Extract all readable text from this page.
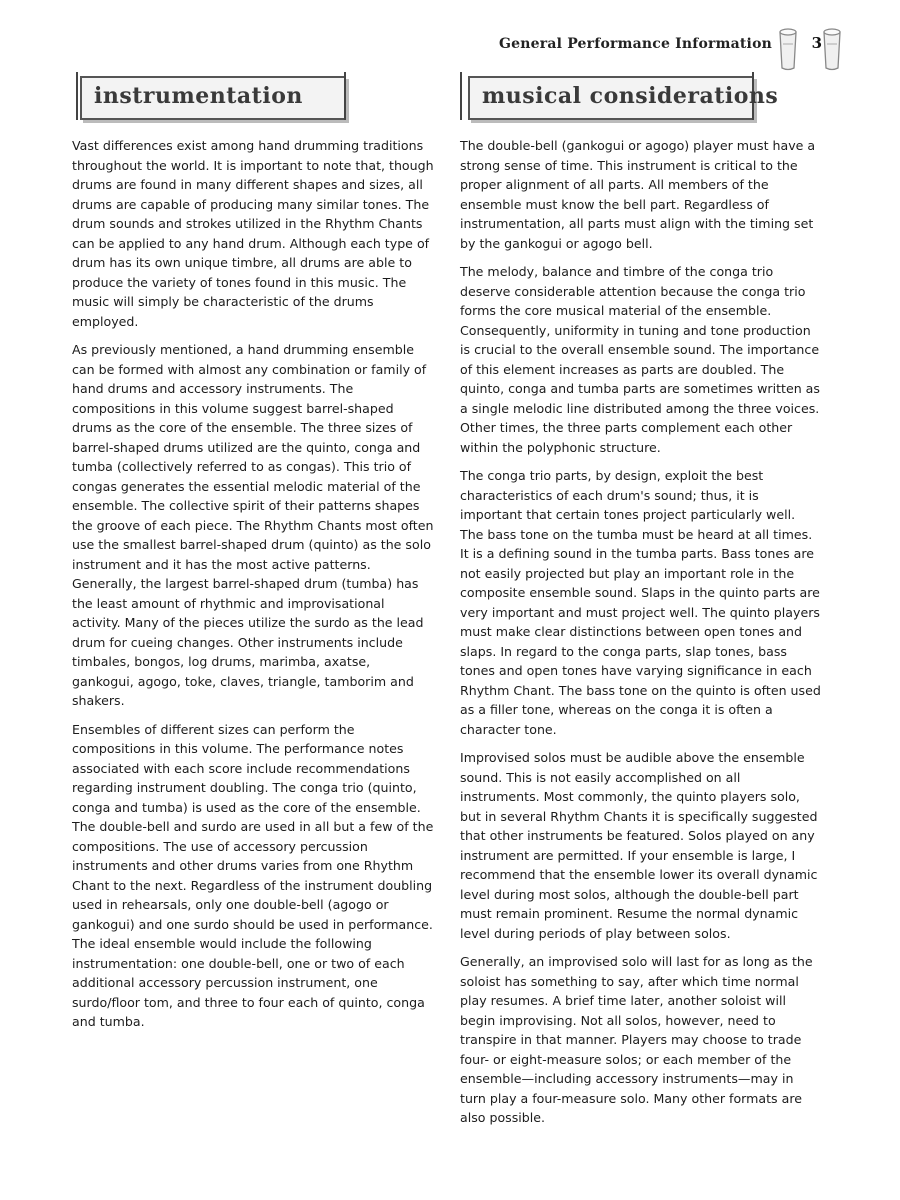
General Performance Information	3
instrumentation

Vast differences exist among hand drumming traditions throughout the world. It is important to note that, though drums are found in many different shapes and sizes, all drums are capable of producing many similar tones. The drum sounds and strokes utilized in the Rhythm Chants can be applied to any hand drum. Although each type of drum has its own unique timbre, all drums are able to produce the variety of tones found in this music. The music will simply be characteristic of the drums employed.

As previously mentioned, a hand drumming ensemble can be formed with almost any combination or family of hand drums and accessory instruments. The compositions in this volume suggest barrel-shaped drums as the core of the ensemble. The three sizes of barrel-shaped drums utilized are the quinto, conga and tumba (collectively referred to as congas). This trio of congas generates the essential melodic material of the ensemble. The collective spirit of their patterns shapes the groove of each piece. The Rhythm Chants most often use the smallest barrel-shaped drum (quinto) as the solo instrument and it has the most active patterns. Generally, the largest barrel-shaped drum (tumba) has the least amount of rhythmic and improvisational activity. Many of the pieces utilize the surdo as the lead drum for cueing changes. Other instruments include timbales, bongos, log drums, marimba, axatse, gankogui, agogo, toke, claves, triangle, tamborim and shakers.

Ensembles of different sizes can perform the compositions in this volume. The performance notes associated with each score include recommendations regarding instrument doubling. The conga trio (quinto, conga and tumba) is used as the core of the ensemble. The double-bell and surdo are used in all but a few of the compositions. The use of accessory percussion instruments and other drums varies from one Rhythm Chant to the next. Regardless of the instrument doubling used in rehearsals, only one double-bell (agogo or gankogui) and one surdo should be used in performance. The ideal ensemble would include the following instrumentation: one double-bell, one or two of each additional accessory percussion instrument, one surdo/floor tom, and three to four each of quinto, conga and tumba.

musical considerations

The double-bell (gankogui or agogo) player must have a strong sense of time. This instrument is critical to the proper alignment of all parts. All members of the ensemble must know the bell part. Regardless of instrumentation, all parts must align with the timing set by the gankogui or agogo bell.

The melody, balance and timbre of the conga trio deserve considerable attention because the conga trio forms the core musical material of the ensemble. Consequently, uniformity in tuning and tone production is crucial to the overall ensemble sound. The importance of this element increases as parts are doubled. The quinto, conga and tumba parts are sometimes written as a single melodic line distributed among the three voices. Other times, the three parts complement each other within the polyphonic structure.

The conga trio parts, by design, exploit the best characteristics of each drum's sound; thus, it is important that certain tones project particularly well. The bass tone on the tumba must be heard at all times. It is a defining sound in the tumba parts. Bass tones are not easily projected but play an important role in the composite ensemble sound. Slaps in the quinto parts are very important and must project well. The quinto players must make clear distinctions between open tones and slaps. In regard to the conga parts, slap tones, bass tones and open tones have varying significance in each Rhythm Chant. The bass tone on the quinto is often used as a filler tone, whereas on the conga it is often a character tone.

Improvised solos must be audible above the ensemble sound. This is not easily accomplished on all instruments. Most commonly, the quinto players solo, but in several Rhythm Chants it is specifically suggested that other instruments be featured. Solos played on any instrument are permitted. If your ensemble is large, I recommend that the ensemble lower its overall dynamic level during most solos, although the double-bell part must remain prominent. Resume the normal dynamic level during periods of play between solos.

Generally, an improvised solo will last for as long as the soloist has something to say, after which time normal play resumes. A brief time later, another soloist will begin improvising. Not all solos, however, need to transpire in that manner. Players may choose to trade four- or eight-measure solos; or each member of the ensemble—including accessory instruments—may in turn play a four-measure solo. Many other formats are also possible.
